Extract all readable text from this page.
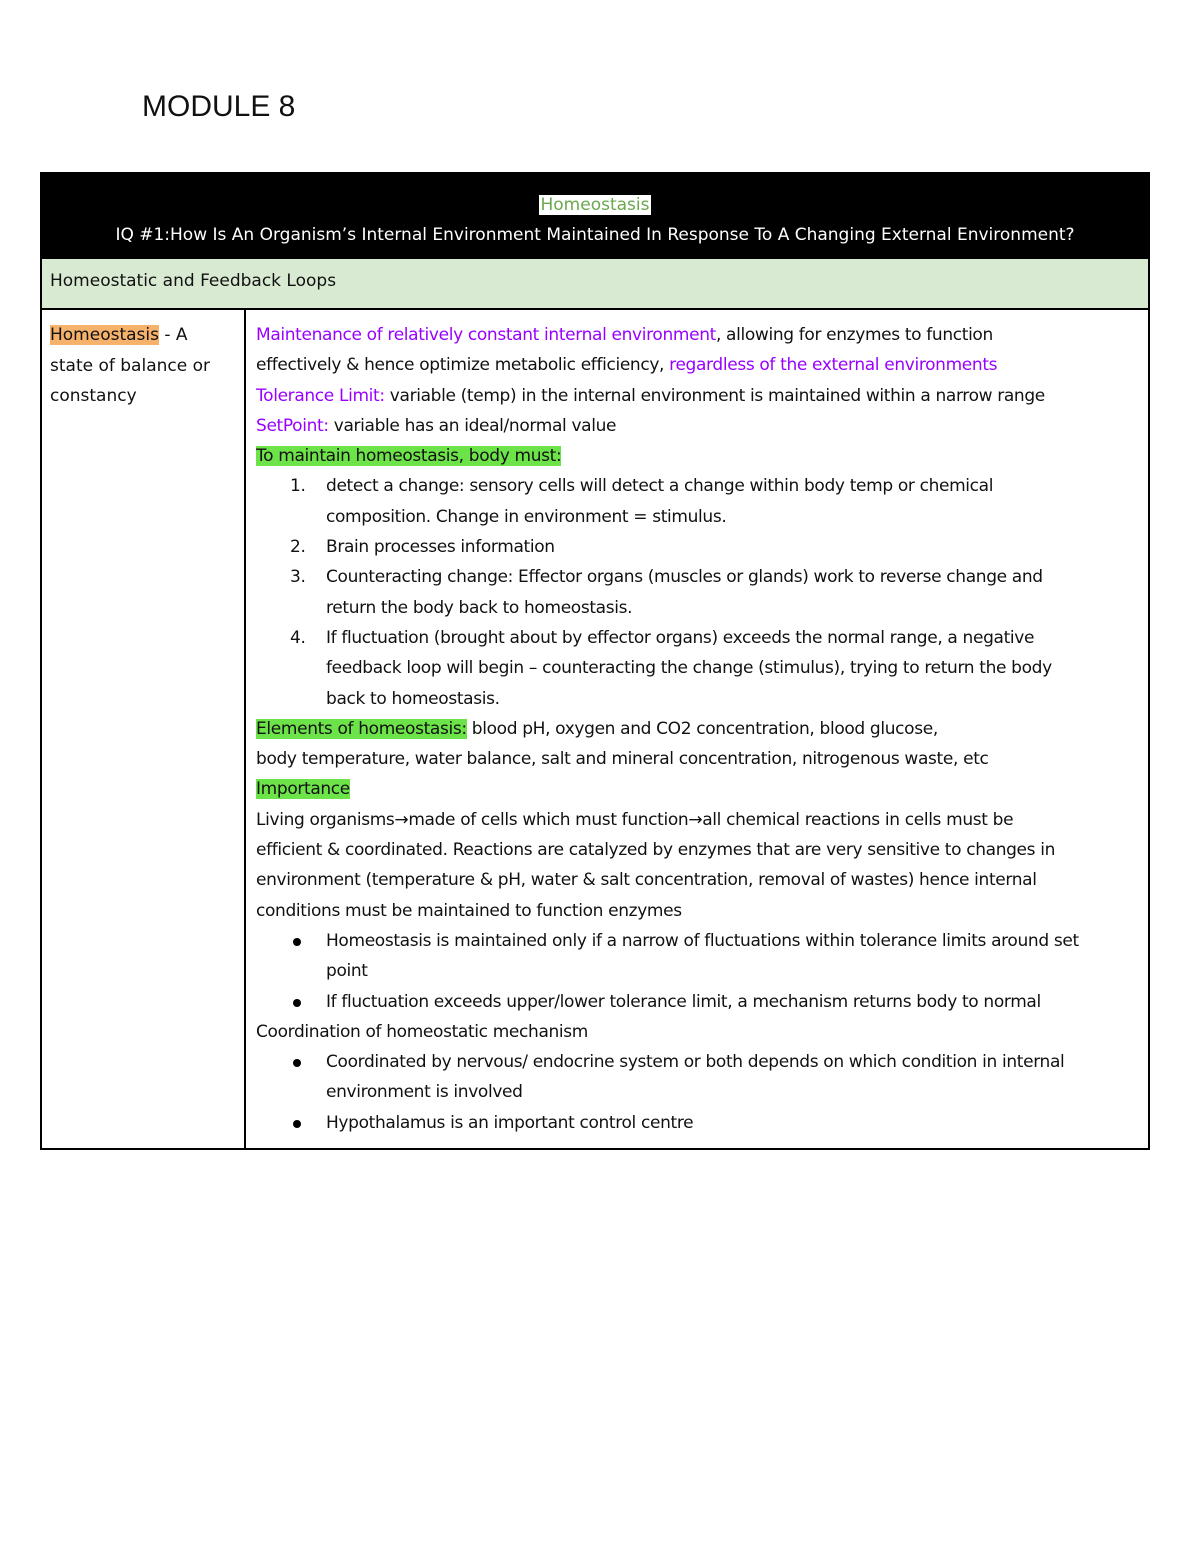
MODULE 8
Homeostasis
IQ #1:How Is An Organism’s Internal Environment Maintained In Response To A Changing External Environment?
Homeostatic and Feedback Loops
Homeostasis - A
state of balance or
constancy
Maintenance of relatively constant internal environment, allowing for enzymes to function
effectively & hence optimize metabolic efficiency, regardless of the external environments
Tolerance Limit: variable (temp) in the internal environment is maintained within a narrow range
SetPoint: variable has an ideal/normal value
To maintain homeostasis, body must:
1. detect a change: sensory cells will detect a change within body temp or chemical
composition. Change in environment = stimulus.
2. Brain processes information
3. Counteracting change: Effector organs (muscles or glands) work to reverse change and
return the body back to homeostasis.
4. If fluctuation (brought about by effector organs) exceeds the normal range, a negative
feedback loop will begin – counteracting the change (stimulus), trying to return the body
back to homeostasis.
Elements of homeostasis: blood pH, oxygen and CO2 concentration, blood glucose,
body temperature, water balance, salt and mineral concentration, nitrogenous waste, etc
Importance
Living organisms→made of cells which must function→all chemical reactions in cells must be
efficient & coordinated. Reactions are catalyzed by enzymes that are very sensitive to changes in
environment (temperature & pH, water & salt concentration, removal of wastes) hence internal
conditions must be maintained to function enzymes
Homeostasis is maintained only if a narrow of fluctuations within tolerance limits around set
point
If fluctuation exceeds upper/lower tolerance limit, a mechanism returns body to normal
Coordination of homeostatic mechanism
Coordinated by nervous/ endocrine system or both depends on which condition in internal
environment is involved
Hypothalamus is an important control centre
